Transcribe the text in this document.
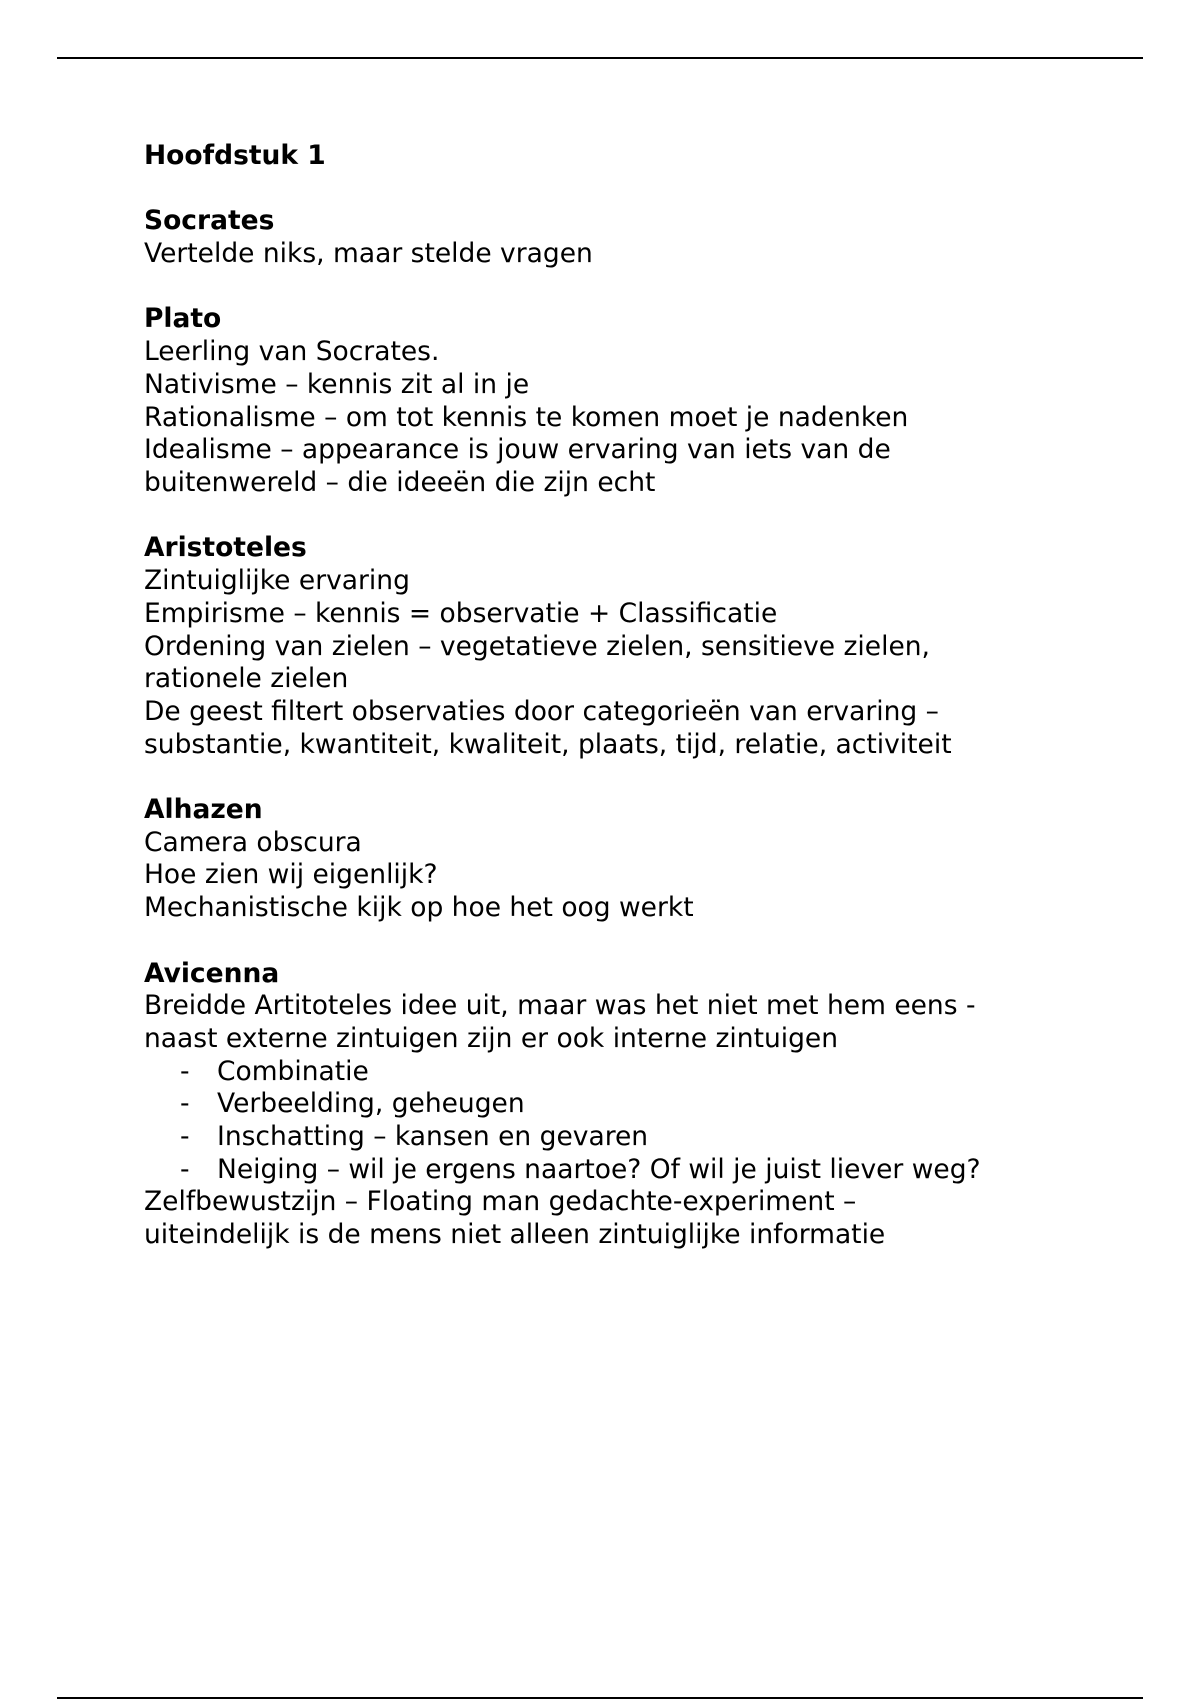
Hoofdstuk 1
Socrates
Vertelde niks, maar stelde vragen
Plato
Leerling van Socrates.
Nativisme – kennis zit al in je
Rationalisme – om tot kennis te komen moet je nadenken
Idealisme – appearance is jouw ervaring van iets van de
buitenwereld – die ideeën die zijn echt
Aristoteles
Zintuiglijke ervaring
Empirisme – kennis = observatie + Classificatie
Ordening van zielen – vegetatieve zielen, sensitieve zielen,
rationele zielen
De geest filtert observaties door categorieën van ervaring –
substantie, kwantiteit, kwaliteit, plaats, tijd, relatie, activiteit
Alhazen
Camera obscura
Hoe zien wij eigenlijk?
Mechanistische kijk op hoe het oog werkt
Avicenna
Breidde Artitoteles idee uit, maar was het niet met hem eens -
naast externe zintuigen zijn er ook interne zintuigen
- Combinatie
- Verbeelding, geheugen
- Inschatting – kansen en gevaren
- Neiging – wil je ergens naartoe? Of wil je juist liever weg?
Zelfbewustzijn – Floating man gedachte-experiment –
uiteindelijk is de mens niet alleen zintuiglijke informatie
